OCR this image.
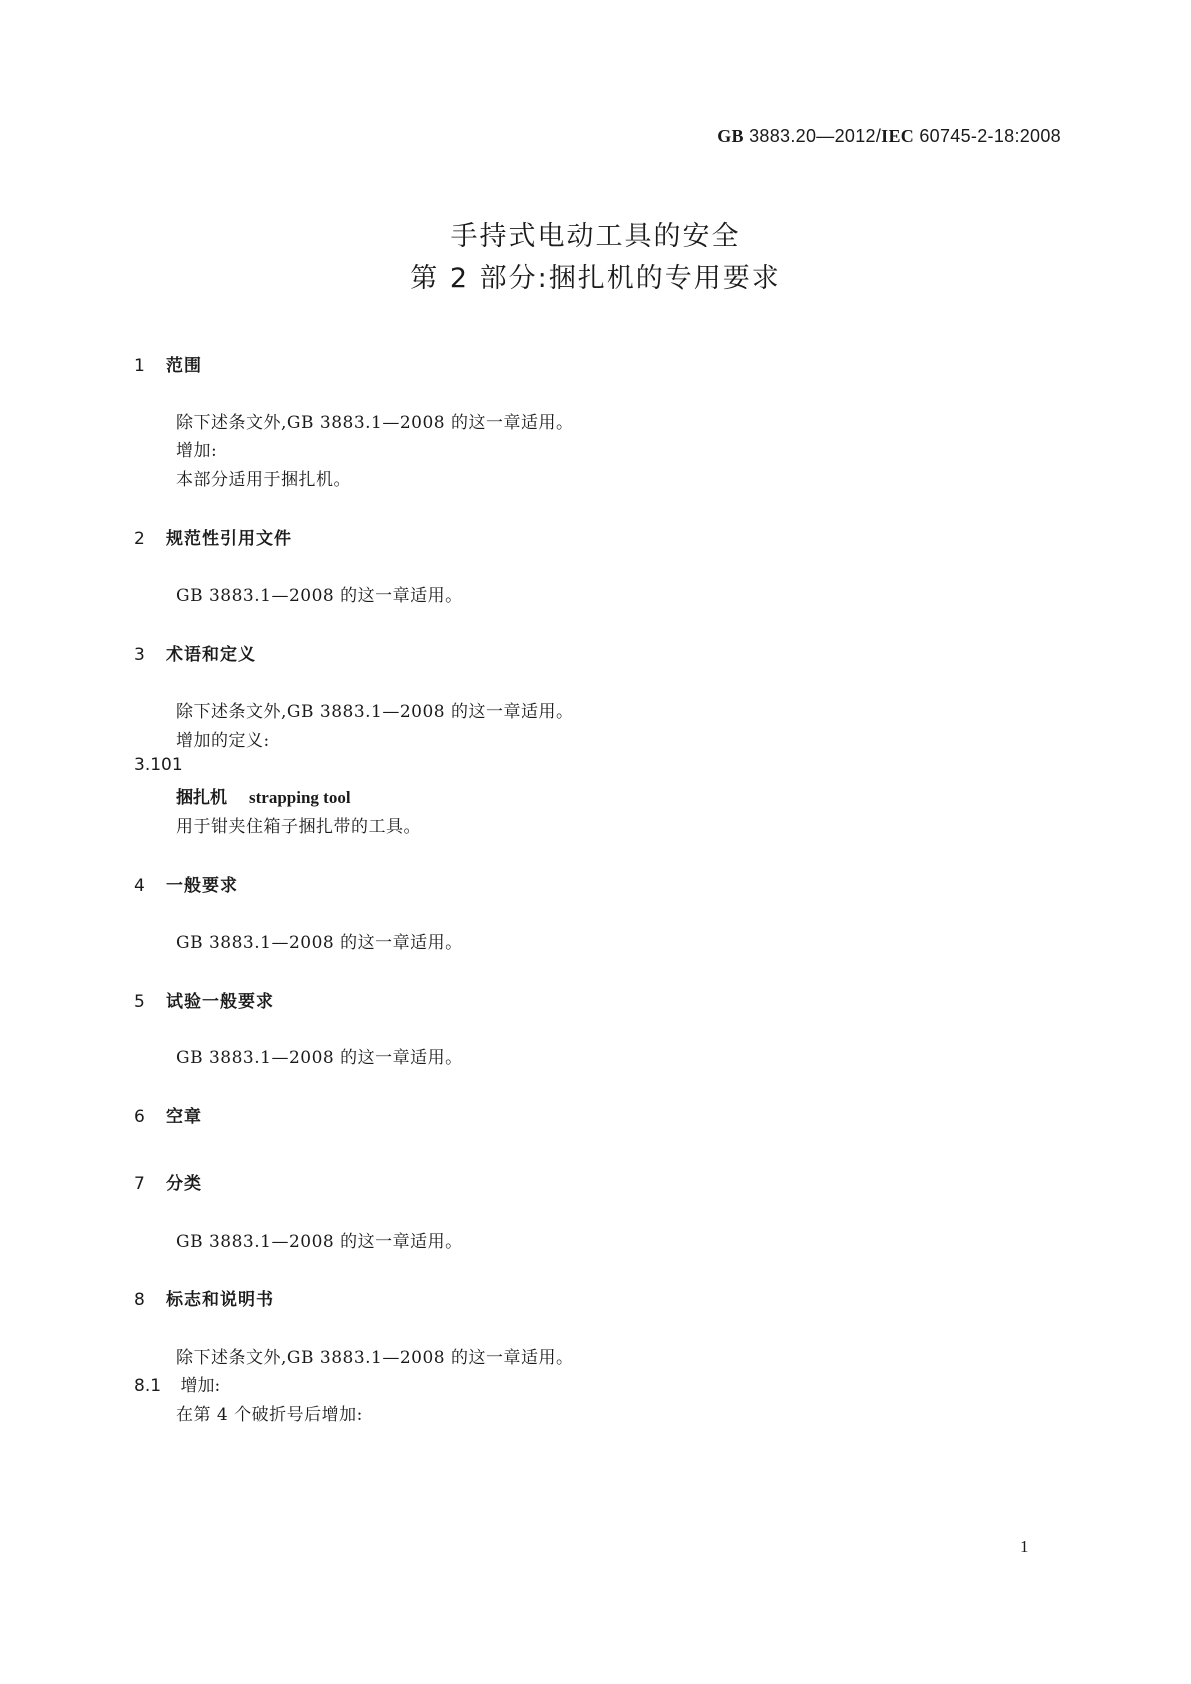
GB 3883.20—2012/IEC 60745-2-18:2008
手持式电动工具的安全
第 2 部分:捆扎机的专用要求
1 范围
除下述条文外,GB 3883.1—2008 的这一章适用。
增加:
本部分适用于捆扎机。
2 规范性引用文件
GB 3883.1—2008 的这一章适用。
3 术语和定义
除下述条文外,GB 3883.1—2008 的这一章适用。
增加的定义:
3.101
捆扎机 strapping tool
用于钳夹住箱子捆扎带的工具。
4 一般要求
GB 3883.1—2008 的这一章适用。
5 试验一般要求
GB 3883.1—2008 的这一章适用。
6 空章
7 分类
GB 3883.1—2008 的这一章适用。
8 标志和说明书
除下述条文外,GB 3883.1—2008 的这一章适用。
8.1 增加:
在第 4 个破折号后增加:
1
